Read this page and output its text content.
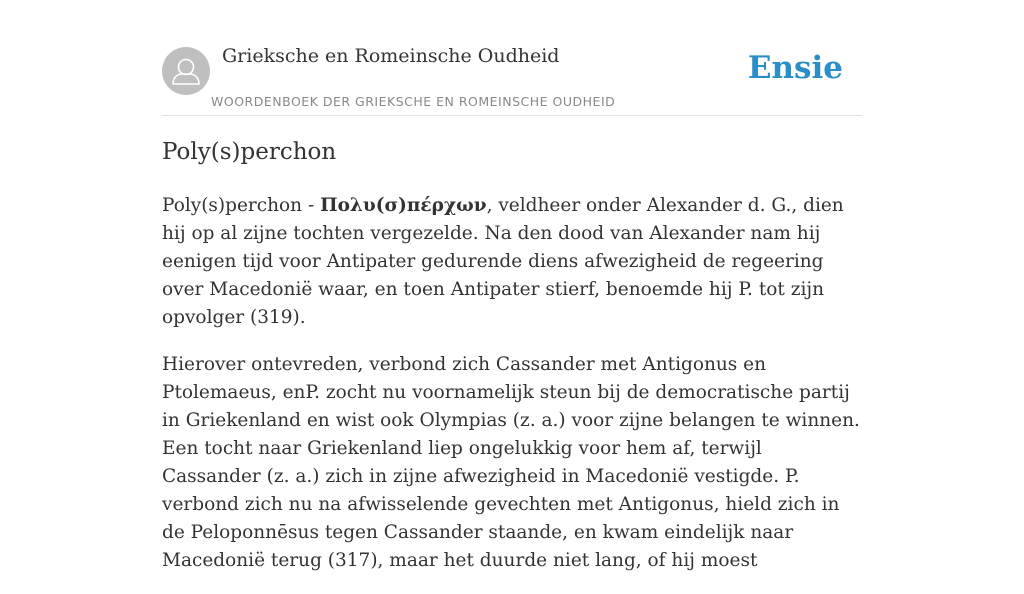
Grieksche en Romeinsche Oudheid
WOORDENBOEK DER GRIEKSCHE EN ROMEINSCHE OUDHEID
Ensie
Poly(s)perchon

Poly(s)perchon - Πολυ(σ)πέρχων, veldheer onder Alexander d. G., dien hij op al zijne tochten vergezelde. Na den dood van Alexander nam hij eenigen tijd voor Antipater gedurende diens afwezigheid de regeering over Macedonië waar, en toen Antipater stierf, benoemde hij P. tot zijn opvolger (319).

Hierover ontevreden, verbond zich Cassander met Antigonus en Ptolemaeus, enP. zocht nu voornamelijk steun bij de democratische partij in Griekenland en wist ook Olympias (z. a.) voor zijne belangen te winnen. Een tocht naar Griekenland liep ongelukkig voor hem af, terwijl Cassander (z. a.) zich in zijne afwezigheid in Macedonië vestigde. P. verbond zich nu na afwisselende gevechten met Antigonus, hield zich in de Peloponnēsus tegen Cassander staande, en kwam eindelijk naar Macedonië terug (317), maar het duurde niet lang, of hij moest
